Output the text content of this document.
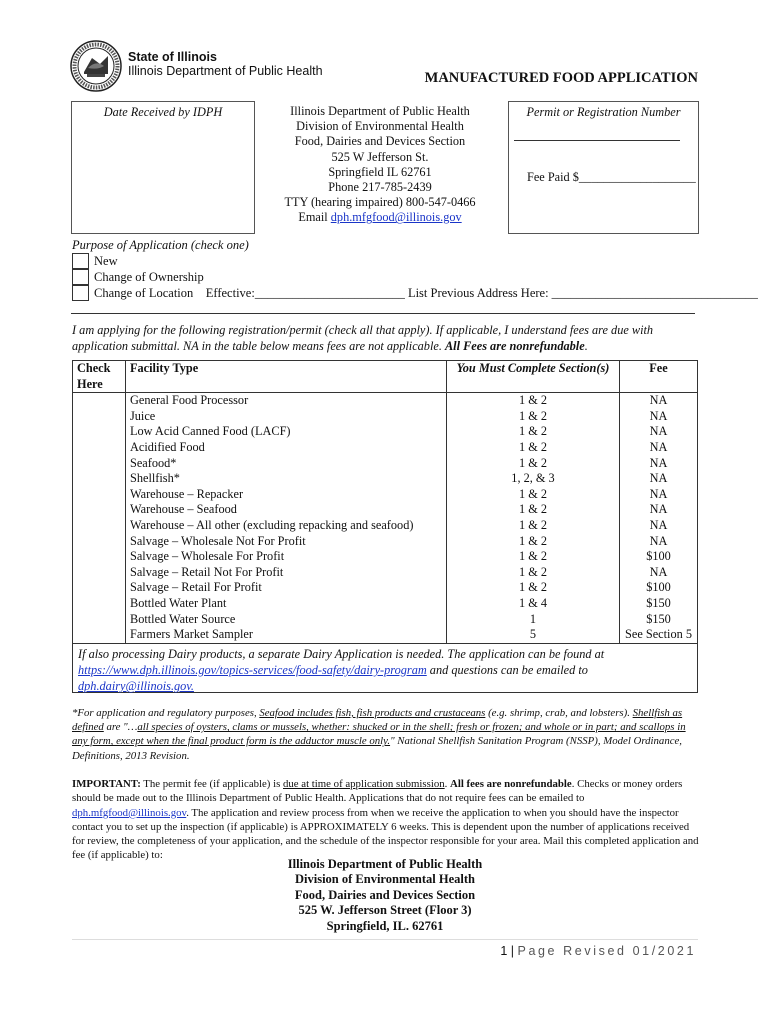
State of Illinois
Illinois Department of Public Health	MANUFACTURED FOOD APPLICATION
Date Received by IDPH	Illinois Department of Public Health
Division of Environmental Health
Food, Dairies and Devices Section
525 W Jefferson St.
Springfield IL 62761
Phone 217-785-2439
TTY (hearing impaired) 800-547-0466
Email dph.mfgfood@illinois.gov
Permit or Registration Number
Fee Paid $___________________
Purpose of Application (check one)
New
Change of Ownership
Change of Location    Effective:________________________ List Previous Address Here: _________________________________
I am applying for the following registration/permit (check all that apply). If applicable, I understand fees are due with application submittal. NA in the table below means fees are not applicable. All Fees are nonrefundable.
Check Here	Facility Type	You Must Complete Section(s)	Fee
	General Food Processor	1 & 2	NA
	Juice	1 & 2	NA
	Low Acid Canned Food (LACF)	1 & 2	NA
	Acidified Food	1 & 2	NA
	Seafood*	1 & 2	NA
	Shellfish*	1, 2, & 3	NA
	Warehouse – Repacker	1 & 2	NA
	Warehouse – Seafood	1 & 2	NA
	Warehouse – All other (excluding repacking and seafood)	1 & 2	NA
	Salvage – Wholesale Not For Profit	1 & 2	NA
	Salvage – Wholesale For Profit	1 & 2	$100
	Salvage – Retail Not For Profit	1 & 2	NA
	Salvage – Retail For Profit	1 & 2	$100
	Bottled Water Plant	1 & 4	$150
	Bottled Water Source	1	$150
	Farmers Market Sampler	5	See Section 5
If also processing Dairy products, a separate Dairy Application is needed. The application can be found at https://www.dph.illinois.gov/topics-services/food-safety/dairy-program and questions can be emailed to dph.dairy@illinois.gov.
*For application and regulatory purposes, Seafood includes fish, fish products and crustaceans (e.g. shrimp, crab, and lobsters). Shellfish as defined are "…all species of oysters, clams or mussels, whether: shucked or in the shell; fresh or frozen; and whole or in part; and scallops in any form, except when the final product form is the adductor muscle only." National Shellfish Sanitation Program (NSSP), Model Ordinance, Definitions, 2013 Revision.
IMPORTANT: The permit fee (if applicable) is due at time of application submission. All fees are nonrefundable. Checks or money orders should be made out to the Illinois Department of Public Health. Applications that do not require fees can be emailed to dph.mfgfood@illinois.gov. The application and review process from when we receive the application to when you should have the inspector contact you to set up the inspection (if applicable) is APPROXIMATELY 6 weeks. This is dependent upon the number of applications received for review, the completeness of your application, and the schedule of the inspector responsible for your area. Mail this completed application and fee (if applicable) to:
Illinois Department of Public Health
Division of Environmental Health
Food, Dairies and Devices Section
525 W. Jefferson Street (Floor 3)
Springfield, IL. 62761
1 | Page Revised 01/2021
